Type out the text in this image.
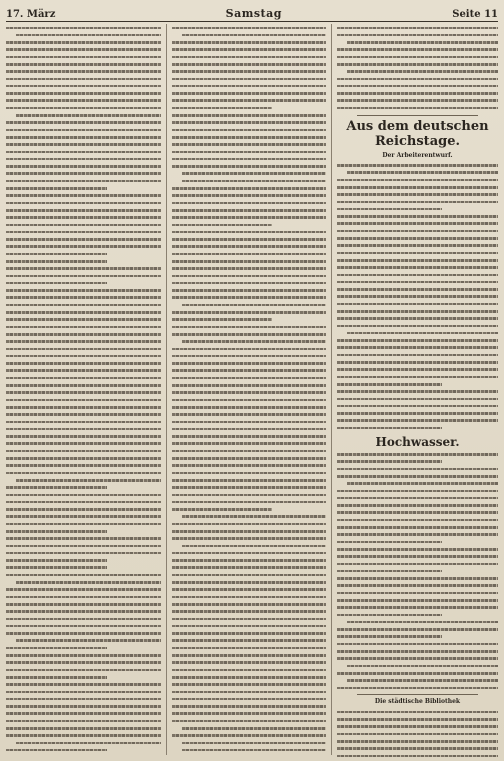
17. März	Samstag	Seite 11
Aus dem deutschen Reichstage.
Der Arbeiterentwurf.
Hochwasser.
Die städtische Bibliothek
